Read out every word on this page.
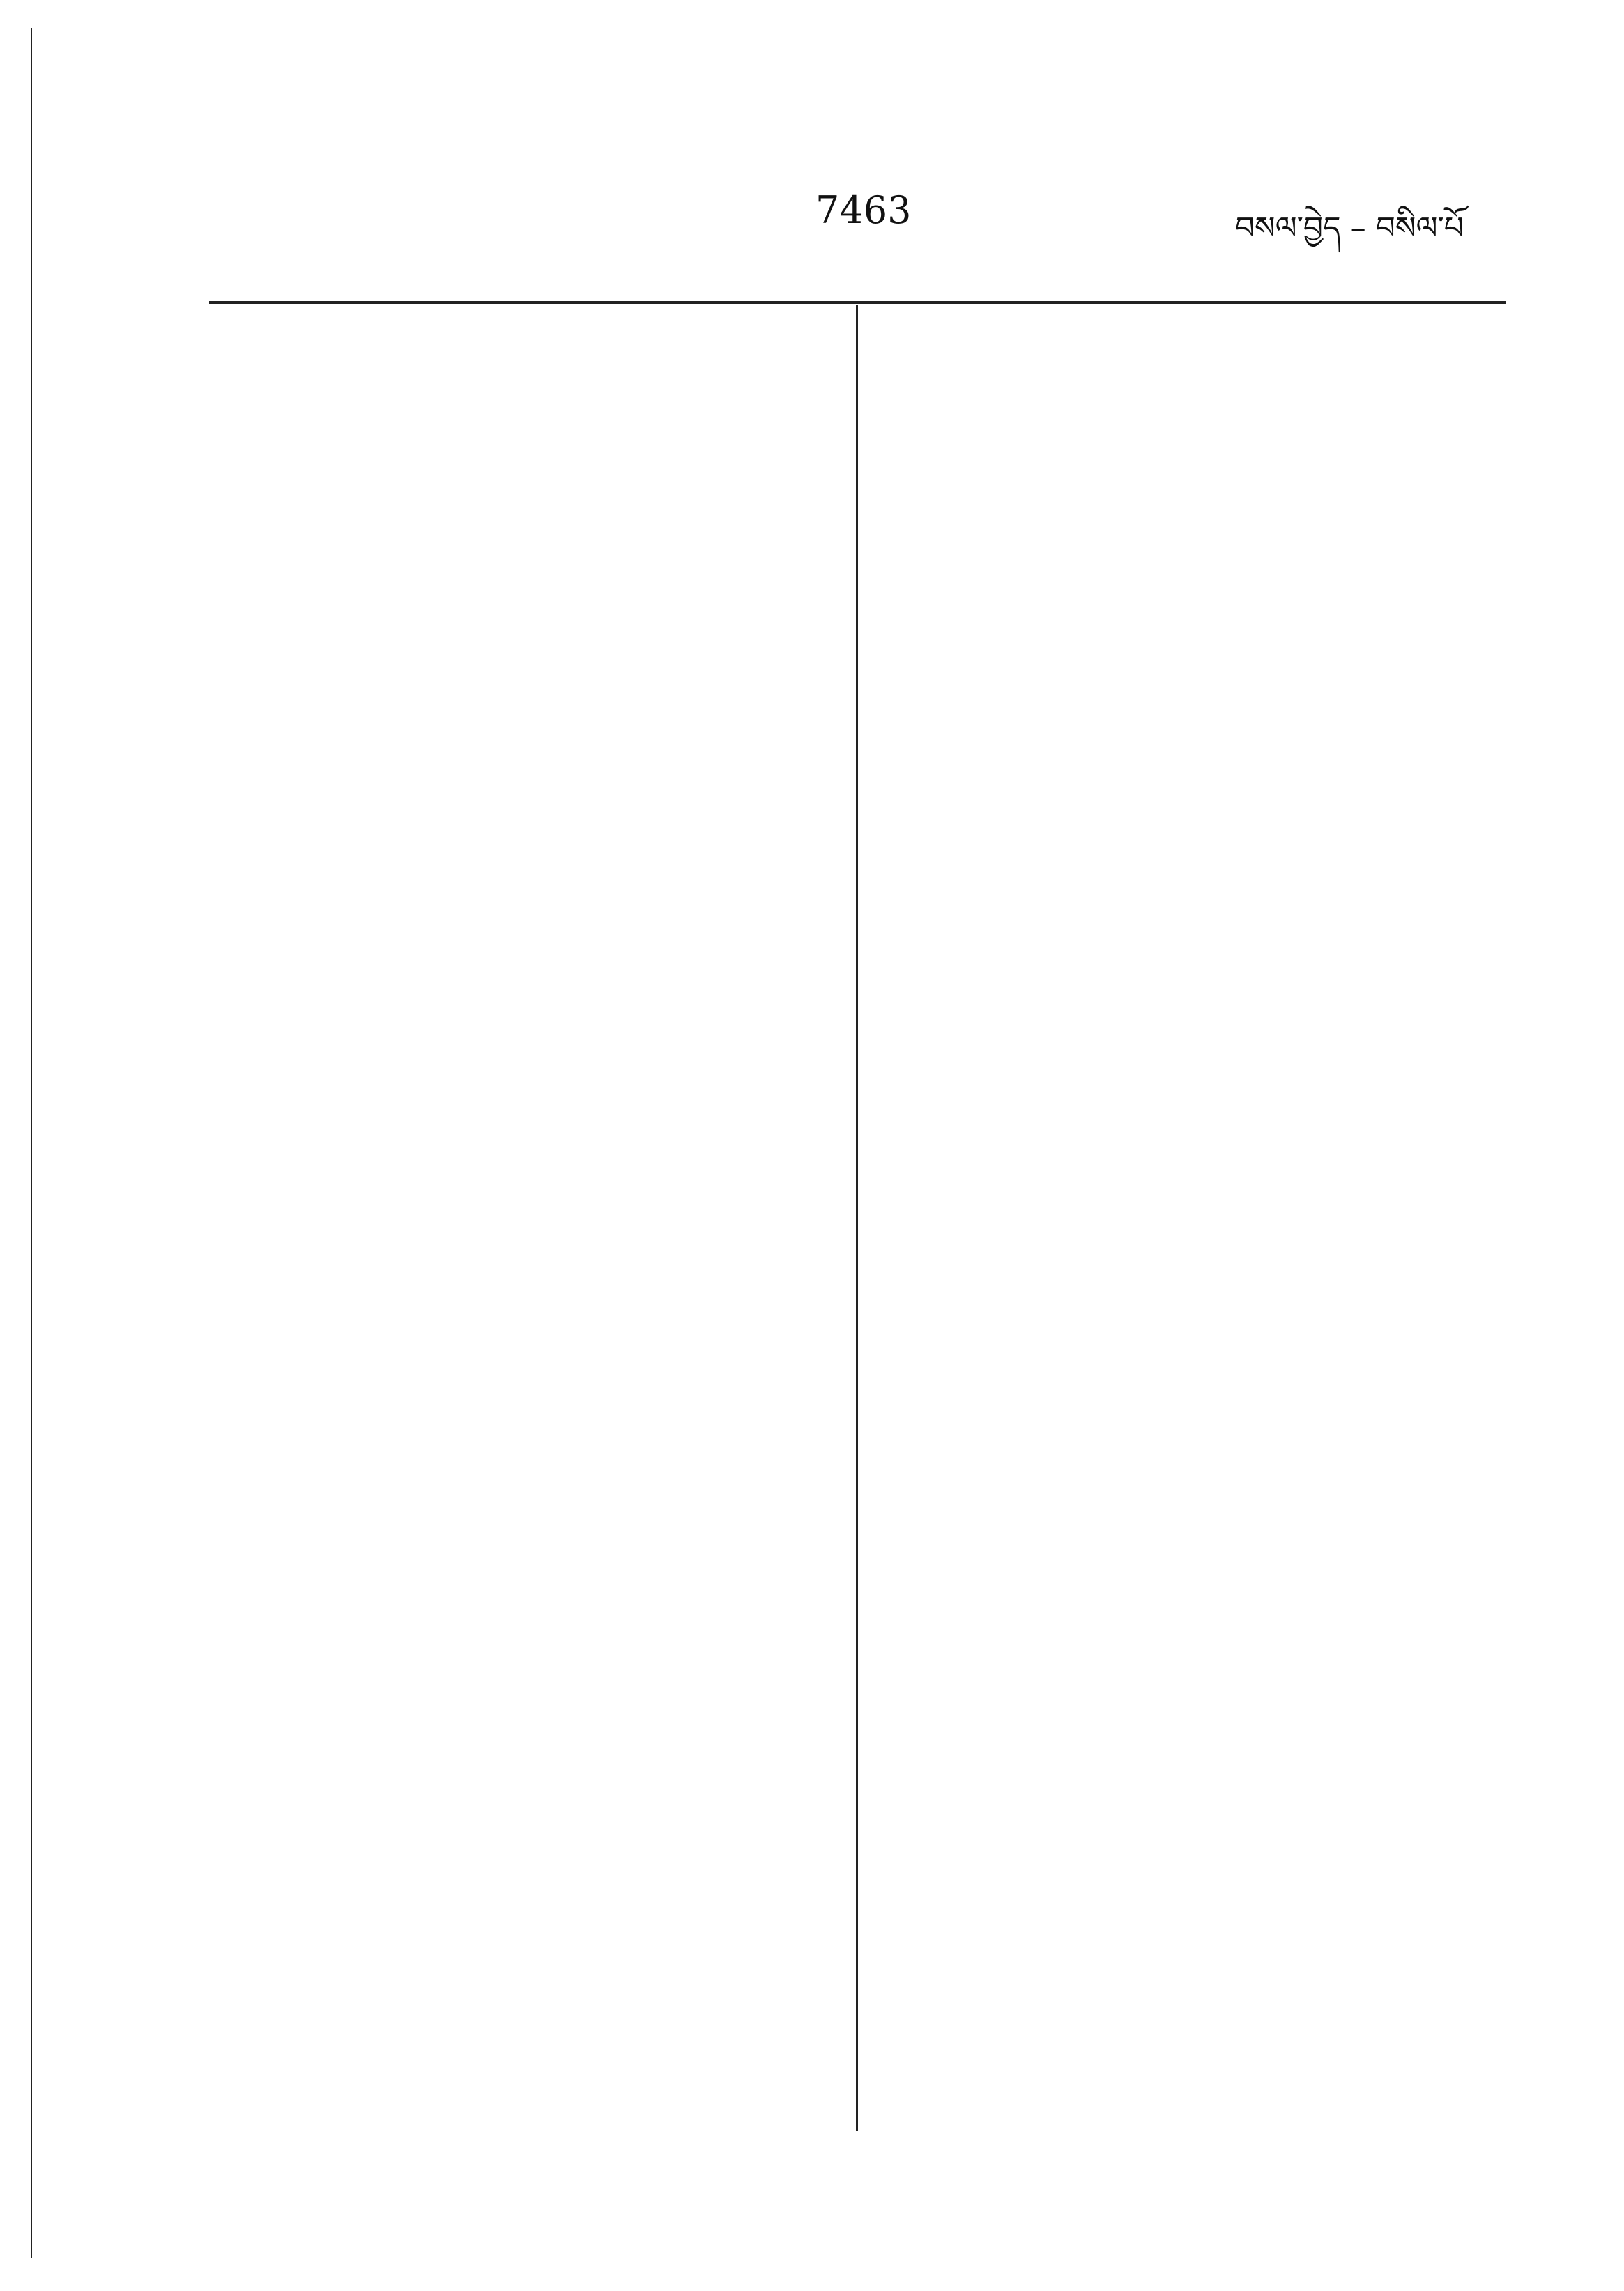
7463	བསལ་བྱེད – བསིལ་པོ
